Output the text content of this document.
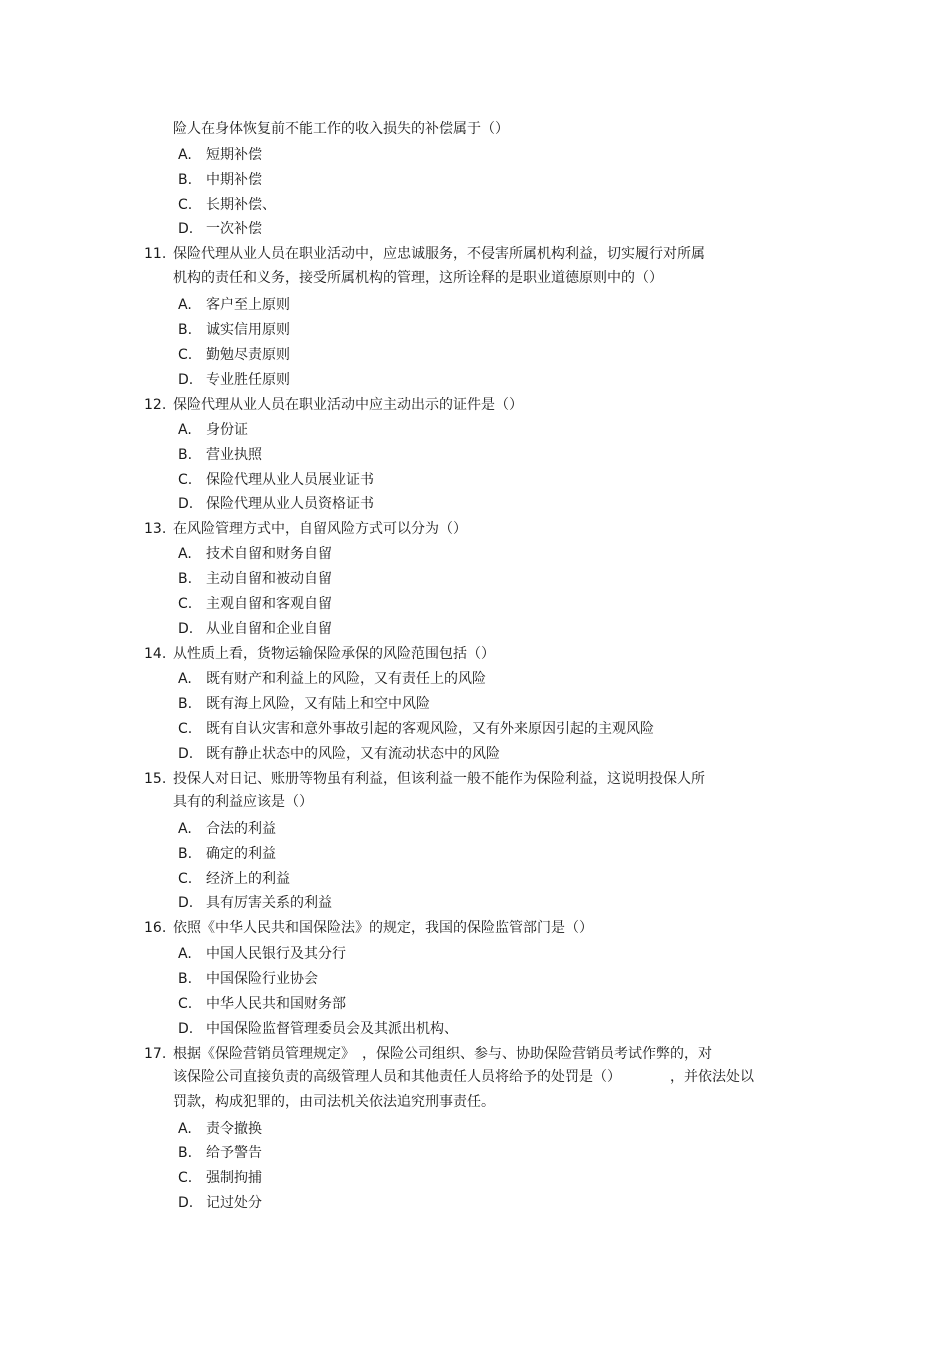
险人在身体恢复前不能工作的收入损失的补偿属于（）
A. 短期补偿
B. 中期补偿
C. 长期补偿、
D. 一次补偿
11. 保险代理从业人员在职业活动中，应忠诚服务，不侵害所属机构利益，切实履行对所属
机构的责任和义务，接受所属机构的管理，这所诠释的是职业道德原则中的（）
A. 客户至上原则
B. 诚实信用原则
C. 勤勉尽责原则
D. 专业胜任原则
12. 保险代理从业人员在职业活动中应主动出示的证件是（）
A. 身份证
B. 营业执照
C. 保险代理从业人员展业证书
D. 保险代理从业人员资格证书
13. 在风险管理方式中，自留风险方式可以分为（）
A. 技术自留和财务自留
B. 主动自留和被动自留
C. 主观自留和客观自留
D. 从业自留和企业自留
14. 从性质上看，货物运输保险承保的风险范围包括（）
A. 既有财产和利益上的风险，又有责任上的风险
B. 既有海上风险，又有陆上和空中风险
C. 既有自认灾害和意外事故引起的客观风险，又有外来原因引起的主观风险
D. 既有静止状态中的风险，又有流动状态中的风险
15. 投保人对日记、账册等物虽有利益，但该利益一般不能作为保险利益，这说明投保人所
具有的利益应该是（）
A. 合法的利益
B. 确定的利益
C. 经济上的利益
D. 具有厉害关系的利益
16. 依照《中华人民共和国保险法》的规定，我国的保险监管部门是（）
A. 中国人民银行及其分行
B. 中国保险行业协会
C. 中华人民共和国财务部
D. 中国保险监督管理委员会及其派出机构、
17. 根据《保险营销员管理规定》　，保险公司组织、参与、协助保险营销员考试作弊的，对
该保险公司直接负责的高级管理人员和其他责任人员将给予的处罚是（）　　　　，并依法处以
罚款，构成犯罪的，由司法机关依法追究刑事责任。
A. 责令撤换
B. 给予警告
C. 强制拘捕
D. 记过处分
